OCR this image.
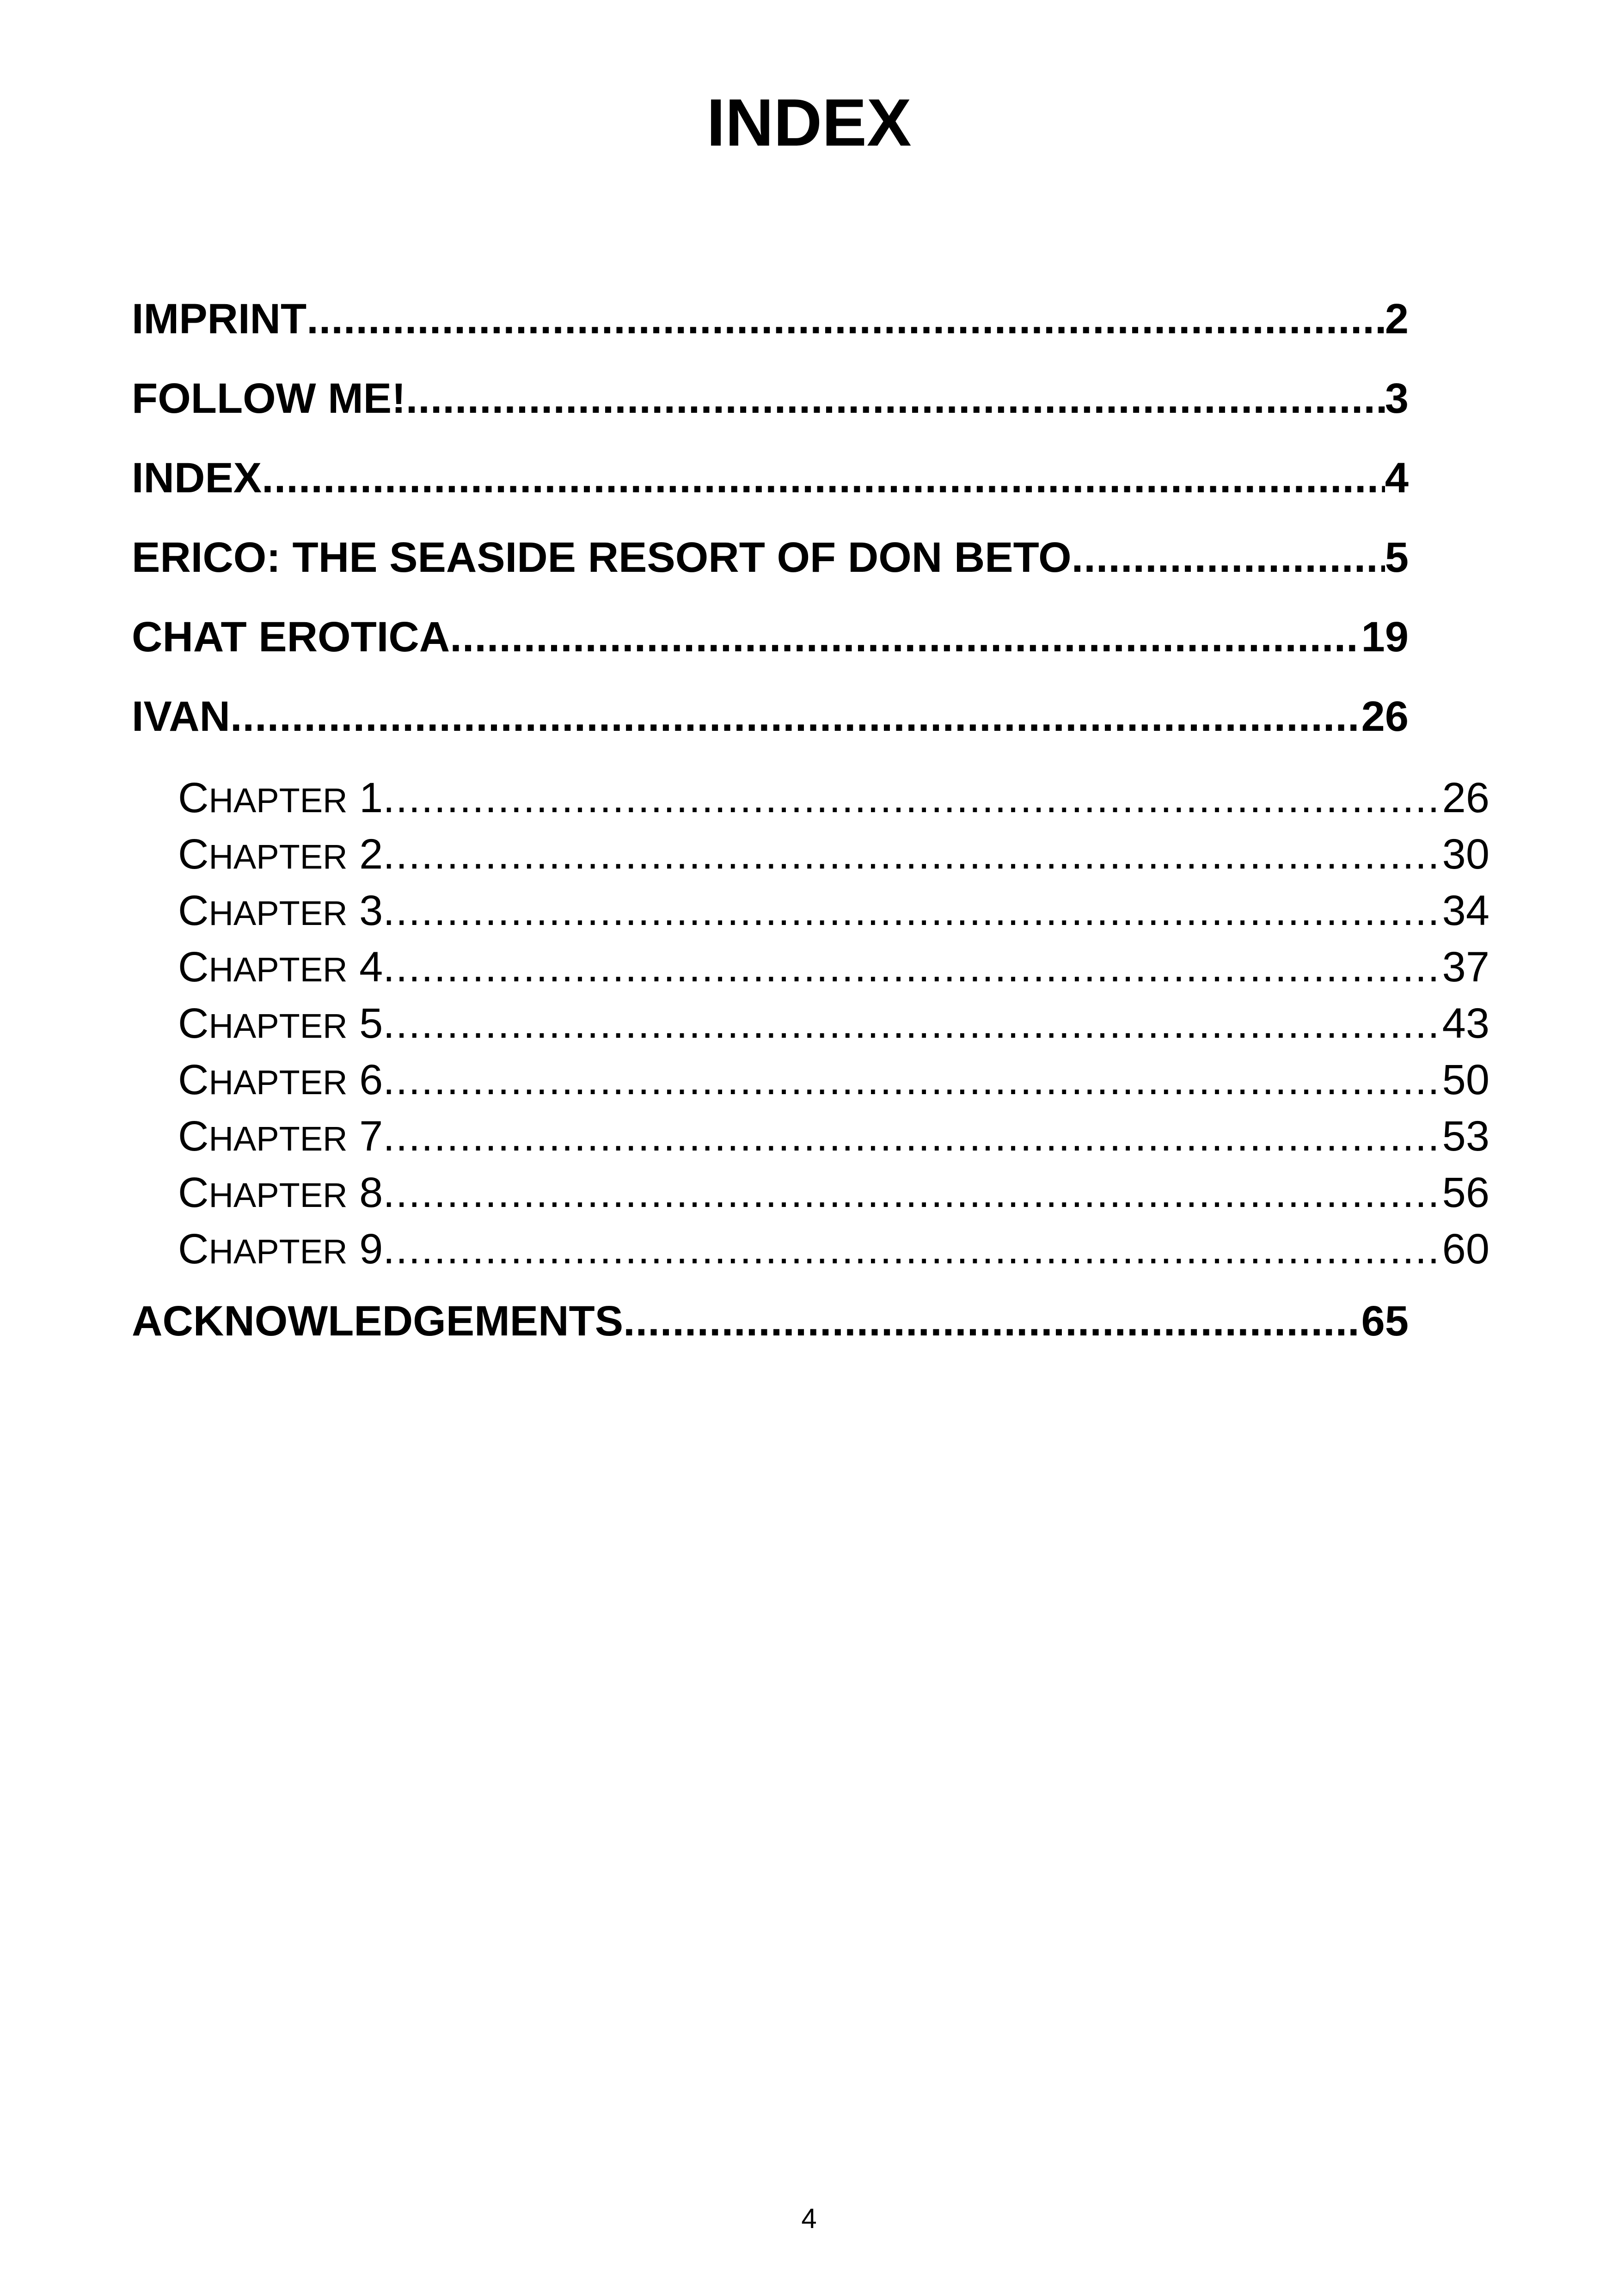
INDEX
IMPRINT .....	2
FOLLOW ME! .....	3
INDEX .....	4
ERICO: THE SEASIDE RESORT OF DON BETO .....	5
CHAT EROTICA .....	19
IVAN .....	26
ACKNOWLEDGEMENTS .....	65
CHAPTER 1 .....	26
CHAPTER 2 .....	30
CHAPTER 3 .....	34
CHAPTER 4 .....	37
CHAPTER 5 .....	43
CHAPTER 6 .....	50
CHAPTER 7 .....	53
CHAPTER 8 .....	56
CHAPTER 9 .....	60
4
